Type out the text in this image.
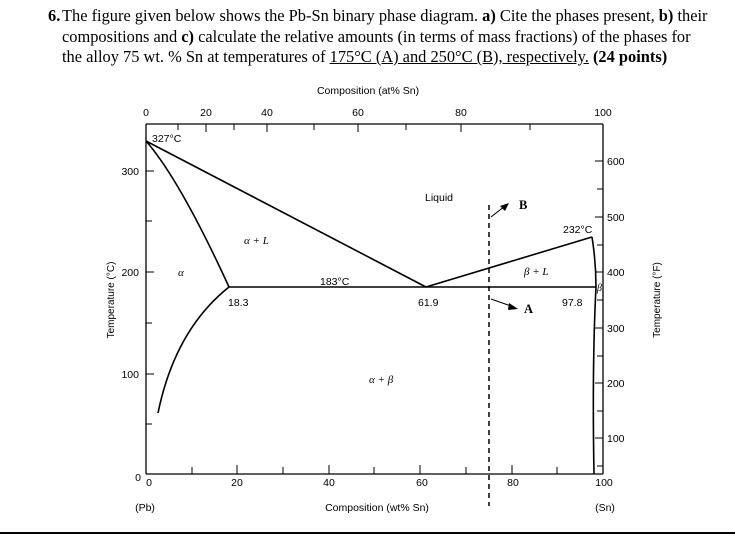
6. The figure given below shows the Pb-Sn binary phase diagram. a) Cite the phases present, b) their compositions and c) calculate the relative amounts (in terms of mass fractions) of the phases for the alloy 75 wt. % Sn at temperatures of 175°C (A) and 250°C (B), respectively. (24 points)
0	20	40	60	80	100
Composition (at% Sn)
0	20	40	60	80	100
(Pb)	(Sn)
Composition (wt% Sn)
300
200
100
0
Temperature (°C)
600
500
400
300
200
100
Temperature (°F)
B
A
327°C
232°C
183°C
Liquid
α + L
β + L
α
β
α + β
18.3	61.9	97.8
